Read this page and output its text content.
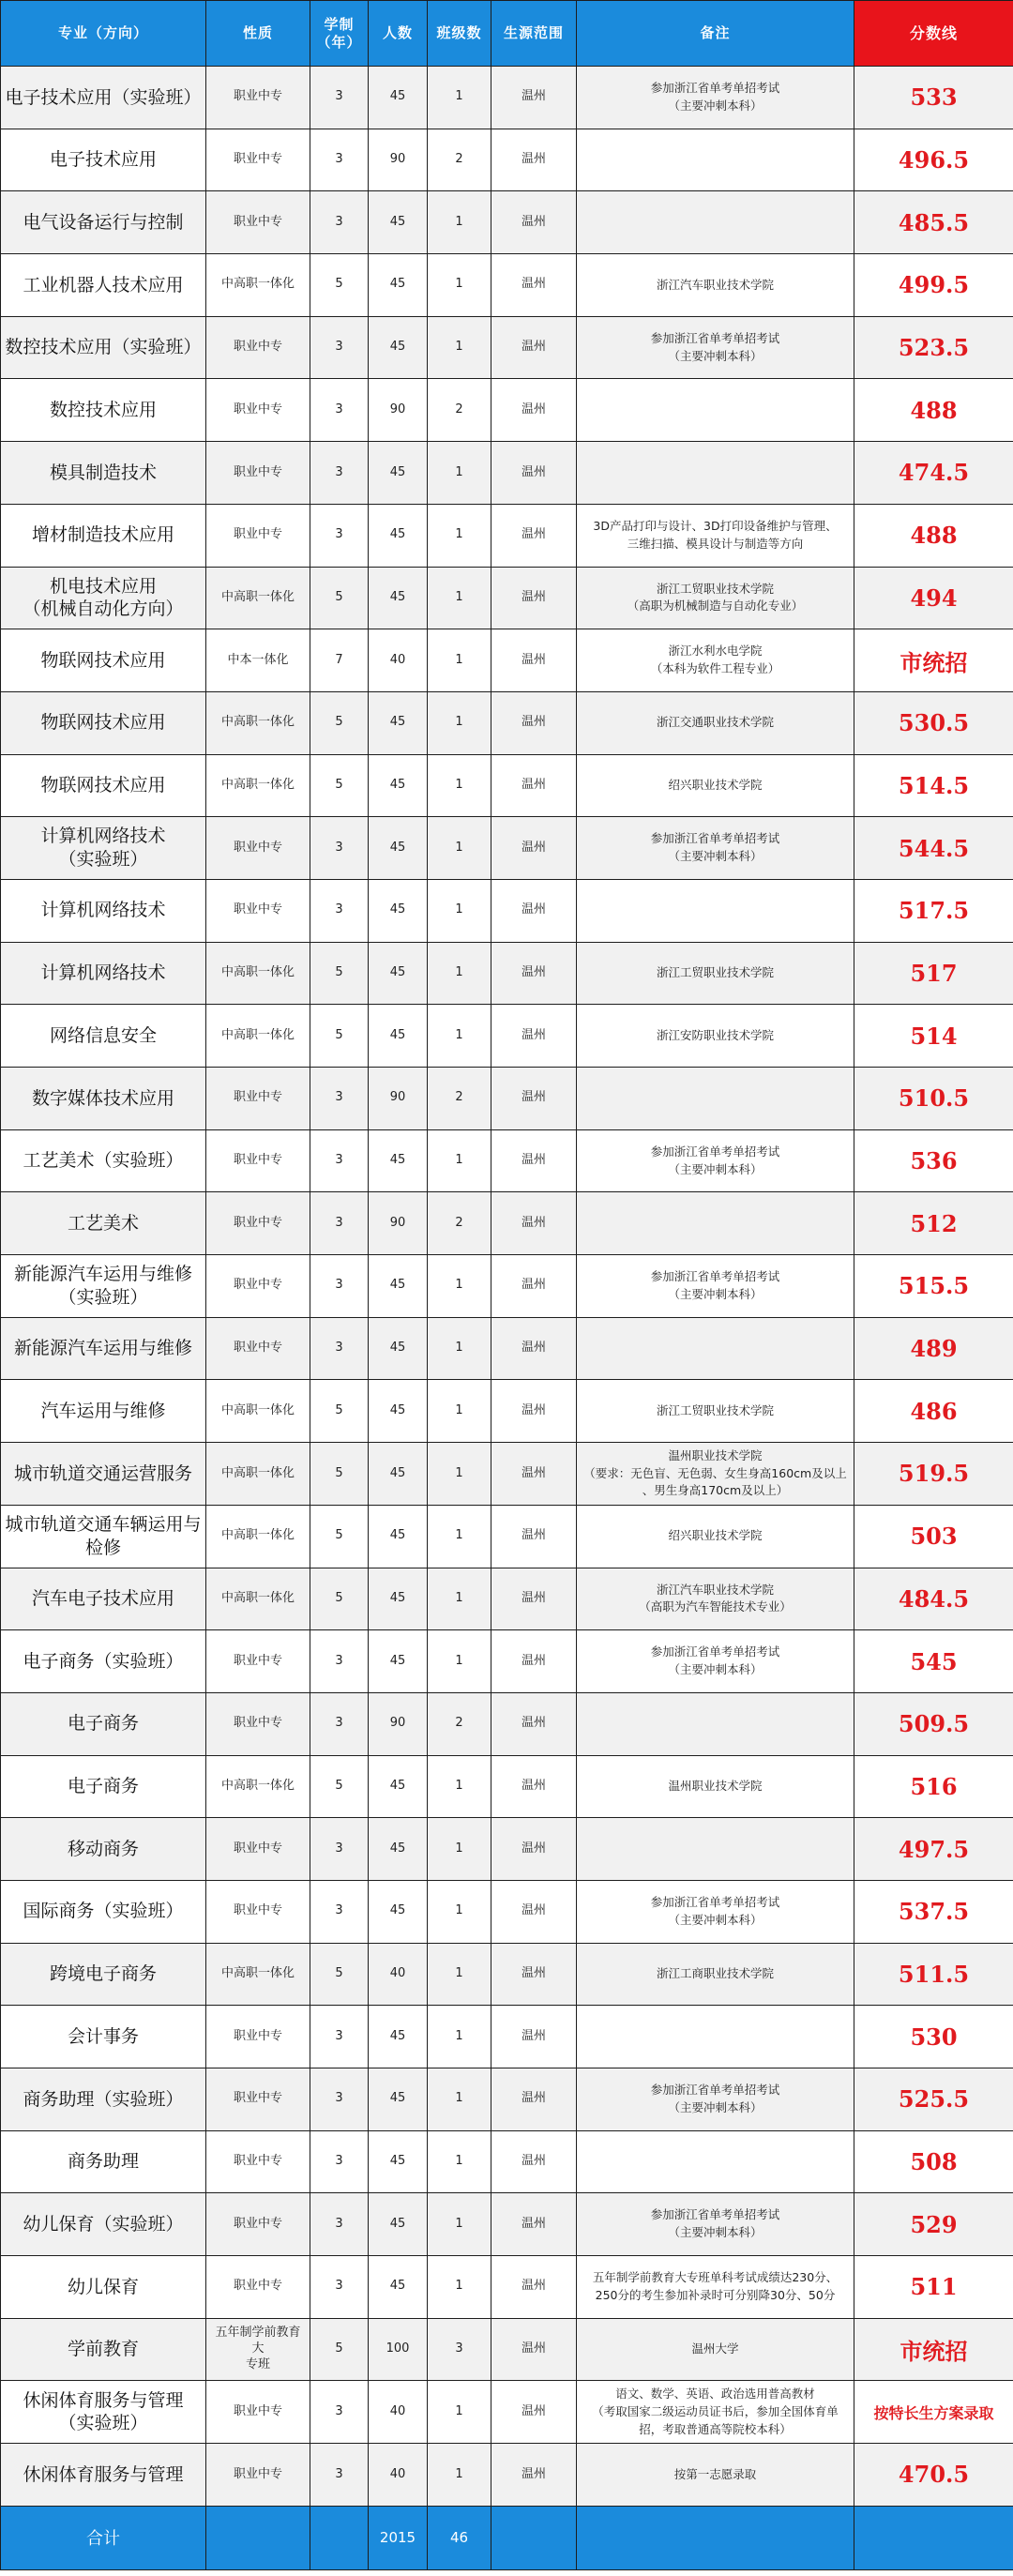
专业（方向）	性质	学制（年）	人数	班级数	生源范围	备注	分数线
电子技术应用（实验班）	职业中专	3	45	1	温州	参加浙江省单考单招考试
（主要冲刺本科）	533
电子技术应用	职业中专	3	90	2	温州		496.5
电气设备运行与控制	职业中专	3	45	1	温州		485.5
工业机器人技术应用	中高职一体化	5	45	1	温州	浙江汽车职业技术学院	499.5
数控技术应用（实验班）	职业中专	3	45	1	温州	参加浙江省单考单招考试
（主要冲刺本科）	523.5
数控技术应用	职业中专	3	90	2	温州		488
模具制造技术	职业中专	3	45	1	温州		474.5
增材制造技术应用	职业中专	3	45	1	温州	3D产品打印与设计、3D打印设备维护与管理、
三维扫描、模具设计与制造等方向	488
机电技术应用
（机械自动化方向）	中高职一体化	5	45	1	温州	浙江工贸职业技术学院
（高职为机械制造与自动化专业）	494
物联网技术应用	中本一体化	7	40	1	温州	浙江水利水电学院
（本科为软件工程专业）	市统招
物联网技术应用	中高职一体化	5	45	1	温州	浙江交通职业技术学院	530.5
物联网技术应用	中高职一体化	5	45	1	温州	绍兴职业技术学院	514.5
计算机网络技术
（实验班）	职业中专	3	45	1	温州	参加浙江省单考单招考试
（主要冲刺本科）	544.5
计算机网络技术	职业中专	3	45	1	温州		517.5
计算机网络技术	中高职一体化	5	45	1	温州	浙江工贸职业技术学院	517
网络信息安全	中高职一体化	5	45	1	温州	浙江安防职业技术学院	514
数字媒体技术应用	职业中专	3	90	2	温州		510.5
工艺美术（实验班）	职业中专	3	45	1	温州	参加浙江省单考单招考试
（主要冲刺本科）	536
工艺美术	职业中专	3	90	2	温州		512
新能源汽车运用与维修
（实验班）	职业中专	3	45	1	温州	参加浙江省单考单招考试
（主要冲刺本科）	515.5
新能源汽车运用与维修	职业中专	3	45	1	温州		489
汽车运用与维修	中高职一体化	5	45	1	温州	浙江工贸职业技术学院	486
城市轨道交通运营服务	中高职一体化	5	45	1	温州	温州职业技术学院
（要求：无色盲、无色弱、女生身高160cm及以上
、男生身高170cm及以上）	519.5
城市轨道交通车辆运用与
检修	中高职一体化	5	45	1	温州	绍兴职业技术学院	503
汽车电子技术应用	中高职一体化	5	45	1	温州	浙江汽车职业技术学院
（高职为汽车智能技术专业）	484.5
电子商务（实验班）	职业中专	3	45	1	温州	参加浙江省单考单招考试
（主要冲刺本科）	545
电子商务	职业中专	3	90	2	温州		509.5
电子商务	中高职一体化	5	45	1	温州	温州职业技术学院	516
移动商务	职业中专	3	45	1	温州		497.5
国际商务（实验班）	职业中专	3	45	1	温州	参加浙江省单考单招考试
（主要冲刺本科）	537.5
跨境电子商务	中高职一体化	5	40	1	温州	浙江工商职业技术学院	511.5
会计事务	职业中专	3	45	1	温州		530
商务助理（实验班）	职业中专	3	45	1	温州	参加浙江省单考单招考试
（主要冲刺本科）	525.5
商务助理	职业中专	3	45	1	温州		508
幼儿保育（实验班）	职业中专	3	45	1	温州	参加浙江省单考单招考试
（主要冲刺本科）	529
幼儿保育	职业中专	3	45	1	温州	五年制学前教育大专班单科考试成绩达230分、
250分的考生参加补录时可分别降30分、50分	511
学前教育	五年制学前教育大
专班	5	100	3	温州	温州大学	市统招
休闲体育服务与管理
（实验班）	职业中专	3	40	1	温州	语文、数学、英语、政治选用普高教材
（考取国家二级运动员证书后，参加全国体育单
招，考取普通高等院校本科）	按特长生方案录取
休闲体育服务与管理	职业中专	3	40	1	温州	按第一志愿录取	470.5
合计			2015	46			
